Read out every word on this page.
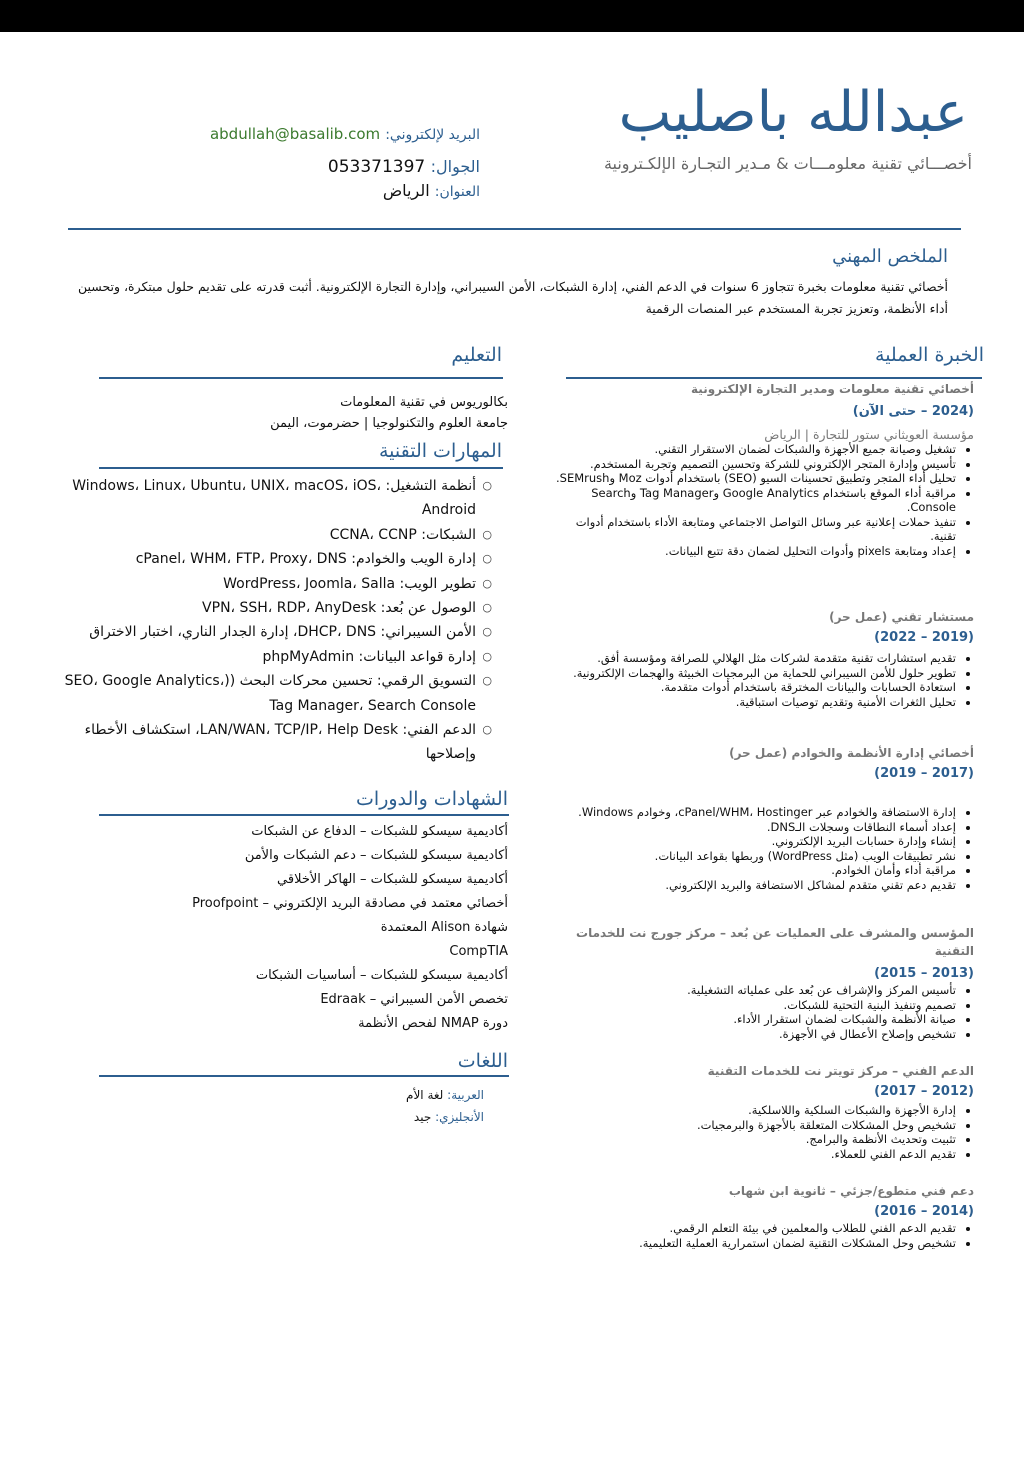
عبدالله باصليب
أخصـــائي تقنية معلومـــات & مـدير التجـارة الإلكـترونية
البريد لإلكتروني: abdullah@basalib.com
الجوال: 053371397
العنوان: الرياض
الملخص المهني
أخصائي تقنية معلومات بخبرة تتجاوز 6 سنوات في الدعم الفني، إدارة الشبكات، الأمن السيبراني، وإدارة التجارة الإلكترونية. أثبت قدرته على تقديم حلول مبتكرة، وتحسين أداء الأنظمة، وتعزيز تجربة المستخدم عبر المنصات الرقمية
الخبرة العملية
أخصائي تقنية معلومات ومدير التجارة الإلكترونية
(2024 – حتى الآن)
مؤسسة العويثاني ستور للتجارة | الرياض
• تشغيل وصيانة جميع الأجهزة والشبكات لضمان الاستقرار التقني.
• تأسيس وإدارة المتجر الإلكتروني للشركة وتحسين التصميم وتجربة المستخدم.
• تحليل أداء المتجر وتطبيق تحسينات السيو (SEO) باستخدام أدوات Moz وSEMrush.
• مراقبة أداء الموقع باستخدام Google Analytics وTag Manager وSearch Console.
• تنفيذ حملات إعلانية عبر وسائل التواصل الاجتماعي ومتابعة الأداء باستخدام أدوات تقنية.
• إعداد ومتابعة pixels وأدوات التحليل لضمان دقة تتبع البيانات.
مستشار تقني (عمل حر)
(2019 – 2022)
• تقديم استشارات تقنية متقدمة لشركات مثل الهلالي للصرافة ومؤسسة أفق.
• تطوير حلول للأمن السيبراني للحماية من البرمجيات الخبيثة والهجمات الإلكترونية.
• استعادة الحسابات والبيانات المخترقة باستخدام أدوات متقدمة.
• تحليل الثغرات الأمنية وتقديم توصيات استباقية.
أخصائي إدارة الأنظمة والخوادم (عمل حر)
(2017 – 2019)
• إدارة الاستضافة والخوادم عبر cPanel/WHM، Hostinger، وخوادم Windows.
• إعداد أسماء النطاقات وسجلات الـDNS.
• إنشاء وإدارة حسابات البريد الإلكتروني.
• نشر تطبيقات الويب (مثل WordPress) وربطها بقواعد البيانات.
• مراقبة أداء وأمان الخوادم.
• تقديم دعم تقني متقدم لمشاكل الاستضافة والبريد الإلكتروني.
المؤسس والمشرف على العمليات عن بُعد – مركز جورج نت للخدمات التقنية
(2013 – 2015)
• تأسيس المركز والإشراف عن بُعد على عملياته التشغيلية.
• تصميم وتنفيذ البنية التحتية للشبكات.
• صيانة الأنظمة والشبكات لضمان استقرار الأداء.
• تشخيص وإصلاح الأعطال في الأجهزة.
الدعم الفني – مركز تويتر نت للخدمات التقنية
(2012 – 2017)
• إدارة الأجهزة والشبكات السلكية واللاسلكية.
• تشخيص وحل المشكلات المتعلقة بالأجهزة والبرمجيات.
• تثبيت وتحديث الأنظمة والبرامج.
• تقديم الدعم الفني للعملاء.
دعم فني متطوع/جزئي – ثانوية ابن شهاب
(2014 – 2016)
• تقديم الدعم الفني للطلاب والمعلمين في بيئة التعلم الرقمي.
• تشخيص وحل المشكلات التقنية لضمان استمرارية العملية التعليمية.
التعليم
بكالوريوس في تقنية المعلومات
جامعة العلوم والتكنولوجيا | حضرموت، اليمن
المهارات التقنية
○ أنظمة التشغيل: Windows، Linux، Ubuntu، UNIX، macOS، iOS، Android
○ الشبكات: CCNA، CCNP
○ إدارة الويب والخوادم: cPanel، WHM، FTP، Proxy، DNS
○ تطوير الويب: WordPress، Joomla، Salla
○ الوصول عن بُعد: VPN، SSH، RDP، AnyDesk
○ الأمن السيبراني: DHCP، DNS، إدارة الجدار الناري، اختبار الاختراق
○ إدارة قواعد البيانات: phpMyAdmin
○ التسويق الرقمي: تحسين محركات البحث ((SEO، Google Analytics، Tag Manager، Search Console
○ الدعم الفني: LAN/WAN، TCP/IP، Help Desk، استكشاف الأخطاء وإصلاحها
الشهادات والدورات
أكاديمية سيسكو للشبكات – الدفاع عن الشبكات
أكاديمية سيسكو للشبكات – دعم الشبكات والأمن
أكاديمية سيسكو للشبكات – الهاكر الأخلاقي
أخصائي معتمد في مصادقة البريد الإلكتروني – Proofpoint
شهادة Alison المعتمدة
CompTIA
أكاديمية سيسكو للشبكات – أساسيات الشبكات
تخصص الأمن السيبراني – Edraak
دورة NMAP لفحص الأنظمة
اللغات
العربية: لغة الأم
الأنجليزي: جيد
